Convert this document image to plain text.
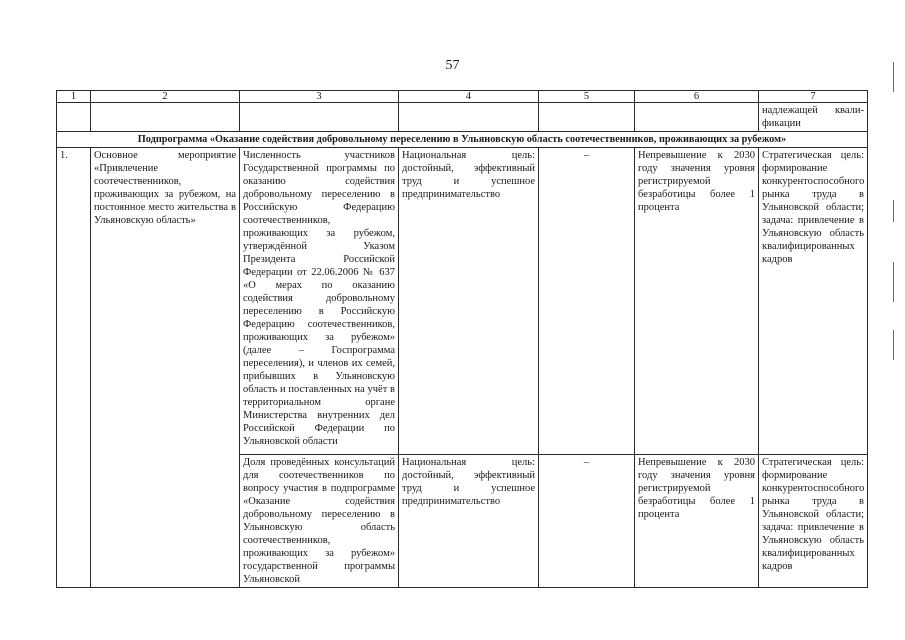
57
1	2	3	4	5	6	7
						надлежащей квали-фикации
Подпрограмма «Оказание содействия добровольному переселению в Ульяновскую область соотечественников, проживающих за рубежом»						
1.	Основное мероприятие «Привлечение соотечественников, проживающих за рубежом, на постоянное место жительства в Ульяновскую область»	Численность участников Государственной программы по оказанию содействия добровольному переселению в Российскую Федерацию соотечественников, проживающих за рубежом, утверждённой Указом Президента Российской Федерации от 22.06.2006 № 637 «О мерах по оказанию содействия добровольному переселению в Российскую Федерацию соотечественников, проживающих за рубежом» (далее – Госпрограмма переселения), и членов их семей, прибывших в Ульяновскую область и поставленных на учёт в территориальном органе Министерства внутренних дел Российской Федерации по Ульяновской области	Национальная цель: достойный, эффективный труд и успешное предпринимательство	–	Непревышение к 2030 году значения уровня регистрируемой безработицы более 1 процента	Стратегическая цель: формирование конкурентоспособного рынка труда в Ульяновской области; задача: привлечение в Ульяновскую область квалифицированных кадров
		Доля проведённых консультаций для соотечественников по вопросу участия в подпрограмме «Оказание содействия добровольному переселению в Ульяновскую область соотечественников, проживающих за рубежом» государственной программы Ульяновской	Национальная цель: достойный, эффективный труд и успешное предпринимательство	–	Непревышение к 2030 году значения уровня регистрируемой безработицы более 1 процента	Стратегическая цель: формирование конкурентоспособного рынка труда в Ульяновской области; задача: привлечение в Ульяновскую область квалифицированных кадров
